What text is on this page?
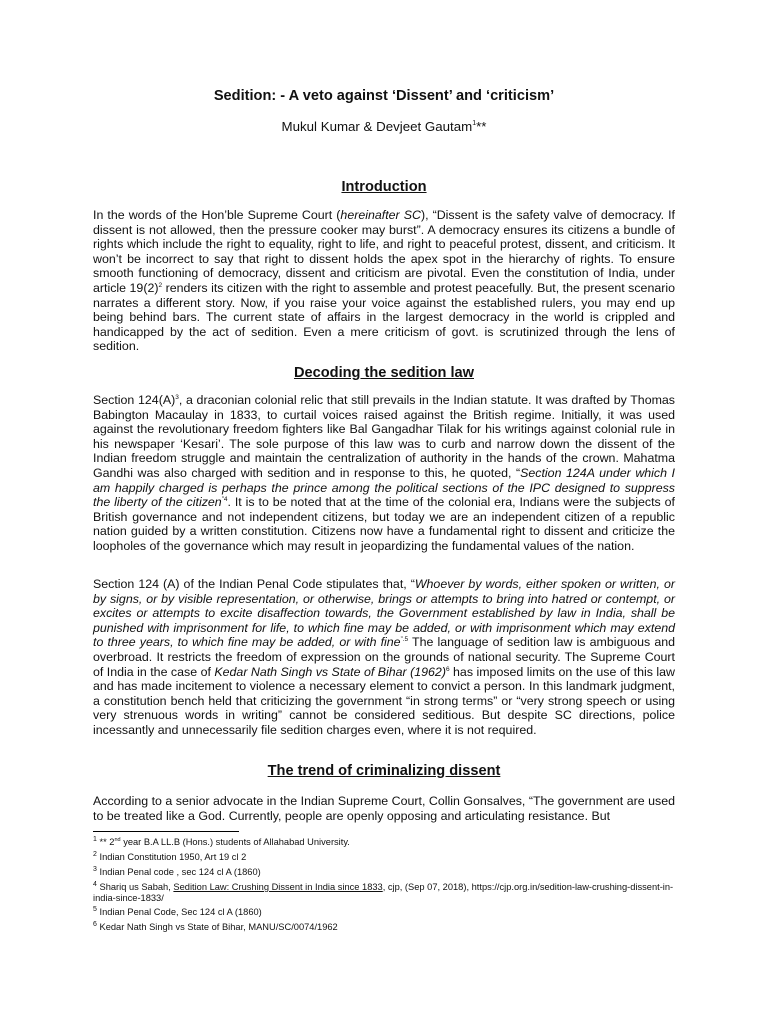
Sedition: - A veto against ‘Dissent’ and ‘criticism’
Mukul Kumar & Devjeet Gautam$^1$**
Introduction

In the words of the Hon’ble Supreme Court (hereinafter SC), “Dissent is the safety valve of democracy. If dissent is not allowed, then the pressure cooker may burst”. A democracy ensures its citizens a bundle of rights which include the right to equality, right to life, and right to peaceful protest, dissent, and criticism. It won’t be incorrect to say that right to dissent holds the apex spot in the hierarchy of rights. To ensure smooth functioning of democracy, dissent and criticism are pivotal. Even the constitution of India, under article 19(2)$^2$ renders its citizen with the right to assemble and protest peacefully. But, the present scenario narrates a different story. Now, if you raise your voice against the established rulers, you may end up being behind bars. The current state of affairs in the largest democracy in the world is crippled and handicapped by the act of sedition. Even a mere criticism of govt. is scrutinized through the lens of sedition.

Decoding the sedition law

Section 124(A)$^3$, a draconian colonial relic that still prevails in the Indian statute. It was drafted by Thomas Babington Macaulay in 1833, to curtail voices raised against the British regime. Initially, it was used against the revolutionary freedom fighters like Bal Gangadhar Tilak for his writings against colonial rule in his newspaper ‘Kesari’. The sole purpose of this law was to curb and narrow down the dissent of the Indian freedom struggle and maintain the centralization of authority in the hands of the crown. Mahatma Gandhi was also charged with sedition and in response to this, he quoted, “Section 124A under which I am happily charged is perhaps the prince among the political sections of the IPC designed to suppress the liberty of the citizen$^{”4}$. It is to be noted that at the time of the colonial era, Indians were the subjects of British governance and not independent citizens, but today we are an independent citizen of a republic nation guided by a written constitution. Citizens now have a fundamental right to dissent and criticize the loopholes of the governance which may result in jeopardizing the fundamental values of the nation.

Section 124 (A) of the Indian Penal Code stipulates that, “Whoever by words, either spoken or written, or by signs, or by visible representation, or otherwise, brings or attempts to bring into hatred or contempt, or excites or attempts to excite disaffection towards, the Government established by law in India, shall be punished with imprisonment for life, to which fine may be added, or with imprisonment which may extend to three years, to which fine may be added, or with fine$^{”.5}$ The language of sedition law is ambiguous and overbroad. It restricts the freedom of expression on the grounds of national security. The Supreme Court of India in the case of Kedar Nath Singh vs State of Bihar (1962)$^6$ has imposed limits on the use of this law and has made incitement to violence a necessary element to convict a person. In this landmark judgment, a constitution bench held that criticizing the government “in strong terms” or “very strong speech or using very strenuous words in writing” cannot be considered seditious. But despite SC directions, police incessantly and unnecessarily file sedition charges even, where it is not required.

The trend of criminalizing dissent

According to a senior advocate in the Indian Supreme Court, Collin Gonsalves, “The government are used to be treated like a God. Currently, people are openly opposing and articulating resistance. But

$^1$ ** 2nd year B.A LL.B (Hons.) students of Allahabad University.

$^2$ Indian Constitution 1950, Art 19 cl 2

$^3$ Indian Penal code , sec 124 cl A (1860)

$^4$ Shariq us Sabah, Sedition Law: Crushing Dissent in India since 1833, cjp, (Sep 07, 2018), https://cjp.org.in/sedition-law-crushing-dissent-in-india-since-1833/

$^5$ Indian Penal Code, Sec 124 cl A (1860)

$^6$ Kedar Nath Singh vs State of Bihar, MANU/SC/0074/1962
